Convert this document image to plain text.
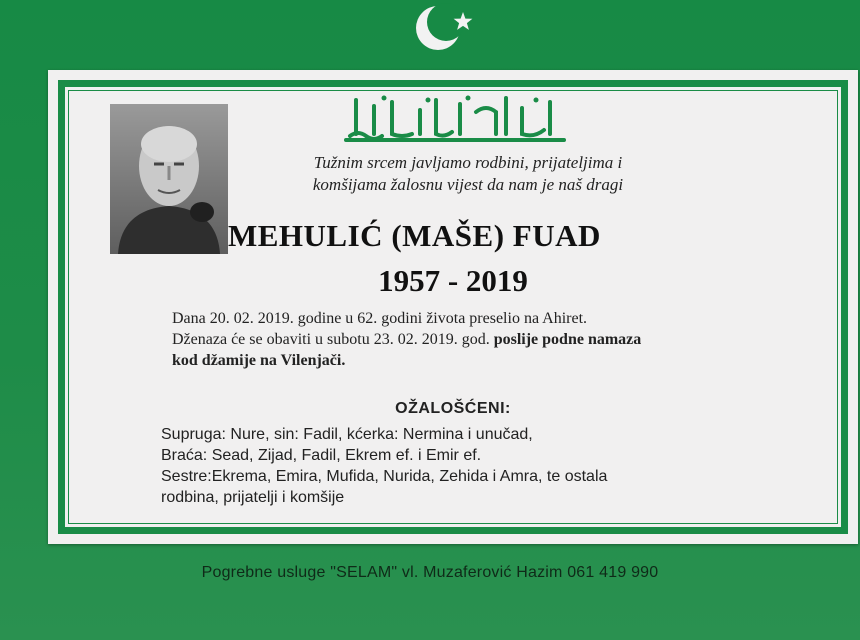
Tužnim srcem javljamo rodbini, prijateljima i
komšijama žalosnu vijest da nam je naš dragi
MEHULIĆ (MAŠE) FUAD
1957 - 2019
Dana 20. 02. 2019. godine u 62. godini života preselio na Ahiret.
Dženaza će se obaviti u subotu 23. 02. 2019. god. poslije podne namaza
kod džamije na Vilenjači.
OŽALOŠĆENI:
Supruga: Nure, sin: Fadil, kćerka: Nermina i unučad,
Braća: Sead, Zijad, Fadil, Ekrem ef. i Emir ef.
Sestre:Ekrema, Emira, Mufida, Nurida, Zehida i Amra, te ostala
rodbina, prijatelji i komšije
Pogrebne usluge "SELAM" vl. Muzaferović Hazim 061 419 990
